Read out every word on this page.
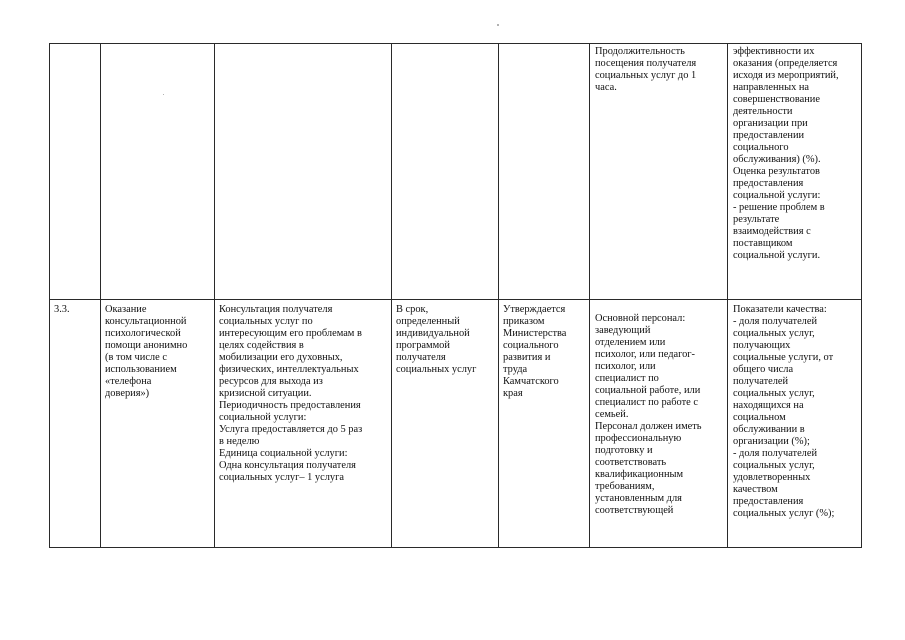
Продолжительность
посещения получателя
социальных услуг до 1
часа.
эффективности их
оказания (определяется
исходя из мероприятий,
направленных на
совершенствование
деятельности
организации при
предоставлении
социального
обслуживания) (%).
Оценка результатов
предоставления
социальной услуги:
- решение проблем в
результате
взаимодействия с
поставщиком
социальной услуги.
3.3.	Оказание
консультационной
психологической
помощи анонимно
(в том числе с
использованием
«телефона
доверия»)
Консультация получателя
социальных услуг по
интересующим его проблемам в
целях содействия в
мобилизации его духовных,
физических, интеллектуальных
ресурсов для выхода из
кризисной ситуации.
Периодичность предоставления
социальной услуги:
Услуга предоставляется до 5 раз
в неделю
Единица социальной услуги:
Одна консультация получателя
социальных услуг– 1 услуга
В срок,
определенный
индивидуальной
программой
получателя
социальных услуг
Утверждается
приказом
Министерства
социального
развития и
труда
Камчатского
края
Основной персонал:
заведующий
отделением или
психолог, или педагог-
психолог, или
специалист по
социальной работе, или
специалист по работе с
семьей.
Персонал должен иметь
профессиональную
подготовку и
соответствовать
квалификационным
требованиям,
установленным для
соответствующей
Показатели качества:
- доля получателей
социальных услуг,
получающих
социальные услуги, от
общего числа
получателей
социальных услуг,
находящихся на
социальном
обслуживании в
организации (%);
- доля получателей
социальных услуг,
удовлетворенных
качеством
предоставления
социальных услуг (%);
